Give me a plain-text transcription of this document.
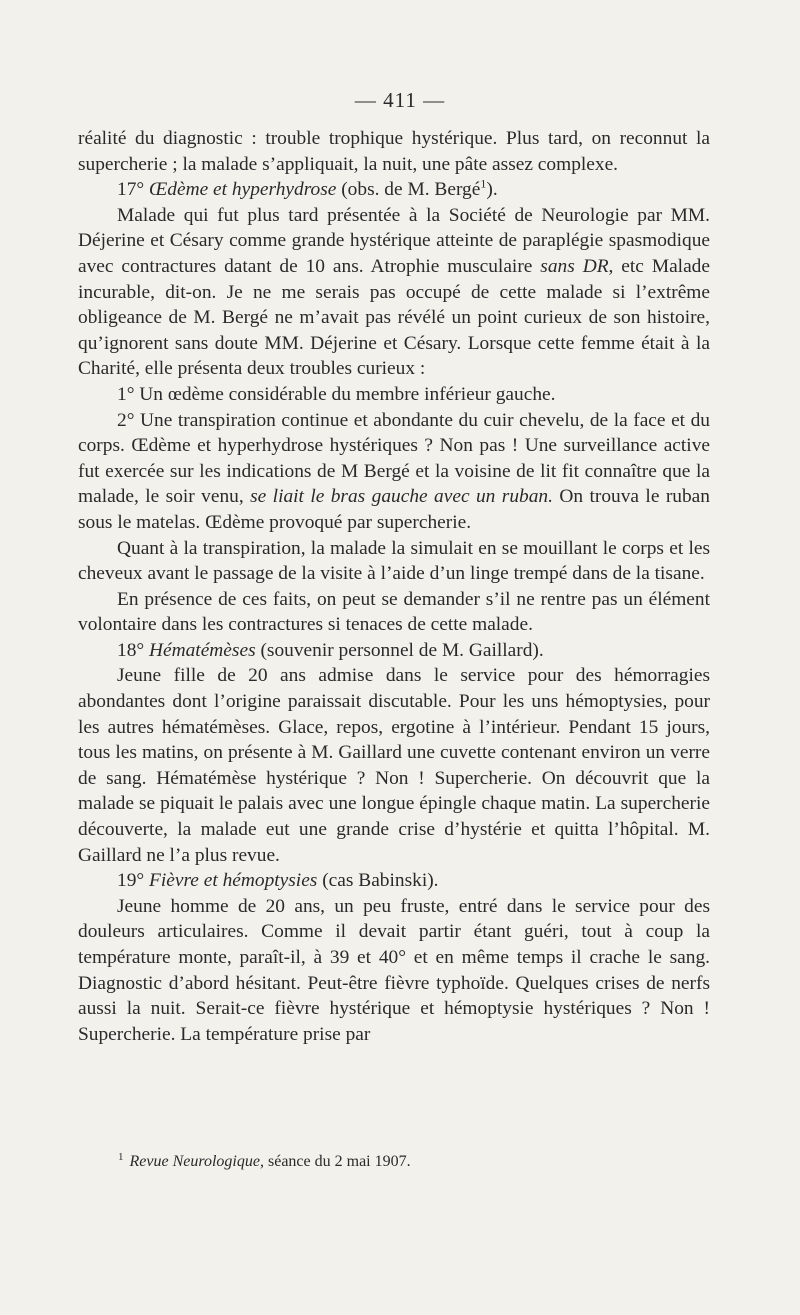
— 411 —

réalité du diagnostic : trouble trophique hystérique. Plus tard, on reconnut la supercherie ; la malade s’appliquait, la nuit, une pâte assez complexe.

17° Œdème et hyperhydrose (obs. de M. Bergé$^1$).

Malade qui fut plus tard présentée à la Société de Neurologie par MM. Déjerine et Césary comme grande hystérique atteinte de paraplégie spasmodique avec contractures datant de 10 ans. Atrophie musculaire sans DR, etc Malade incurable, dit-on. Je ne me serais pas occupé de cette malade si l’extrême obligeance de M. Bergé ne m’avait pas révélé un point curieux de son histoire, qu’ignorent sans doute MM. Déjerine et Césary. Lorsque cette femme était à la Charité, elle présenta deux troubles curieux :

1° Un œdème considérable du membre inférieur gauche.

2° Une transpiration continue et abondante du cuir chevelu, de la face et du corps. Œdème et hyperhydrose hystériques ? Non pas ! Une surveillance active fut exercée sur les indications de M Bergé et la voisine de lit fit connaître que la malade, le soir venu, se liait le bras gauche avec un ruban. On trouva le ruban sous le matelas. Œdème provoqué par supercherie.

Quant à la transpiration, la malade la simulait en se mouillant le corps et les cheveux avant le passage de la visite à l’aide d’un linge trempé dans de la tisane.

En présence de ces faits, on peut se demander s’il ne rentre pas un élément volontaire dans les contractures si tenaces de cette malade.

18° Hématémèses (souvenir personnel de M. Gaillard).

Jeune fille de 20 ans admise dans le service pour des hémorragies abondantes dont l’origine paraissait discutable. Pour les uns hémoptysies, pour les autres hématémèses. Glace, repos, ergotine à l’intérieur. Pendant 15 jours, tous les matins, on présente à M. Gaillard une cuvette contenant environ un verre de sang. Hématémèse hystérique ? Non ! Supercherie. On découvrit que la malade se piquait le palais avec une longue épingle chaque matin. La supercherie découverte, la malade eut une grande crise d’hystérie et quitta l’hôpital. M. Gaillard ne l’a plus revue.

19° Fièvre et hémoptysies (cas Babinski).

Jeune homme de 20 ans, un peu fruste, entré dans le service pour des douleurs articulaires. Comme il devait partir étant guéri, tout à coup la température monte, paraît-il, à 39 et 40° et en même temps il crache le sang. Diagnostic d’abord hésitant. Peut-être fièvre typhoïde. Quelques crises de nerfs aussi la nuit. Serait-ce fièvre hystérique et hémoptysie hystériques ? Non ! Supercherie. La température prise par

$^1$ Revue Neurologique, séance du 2 mai 1907.
